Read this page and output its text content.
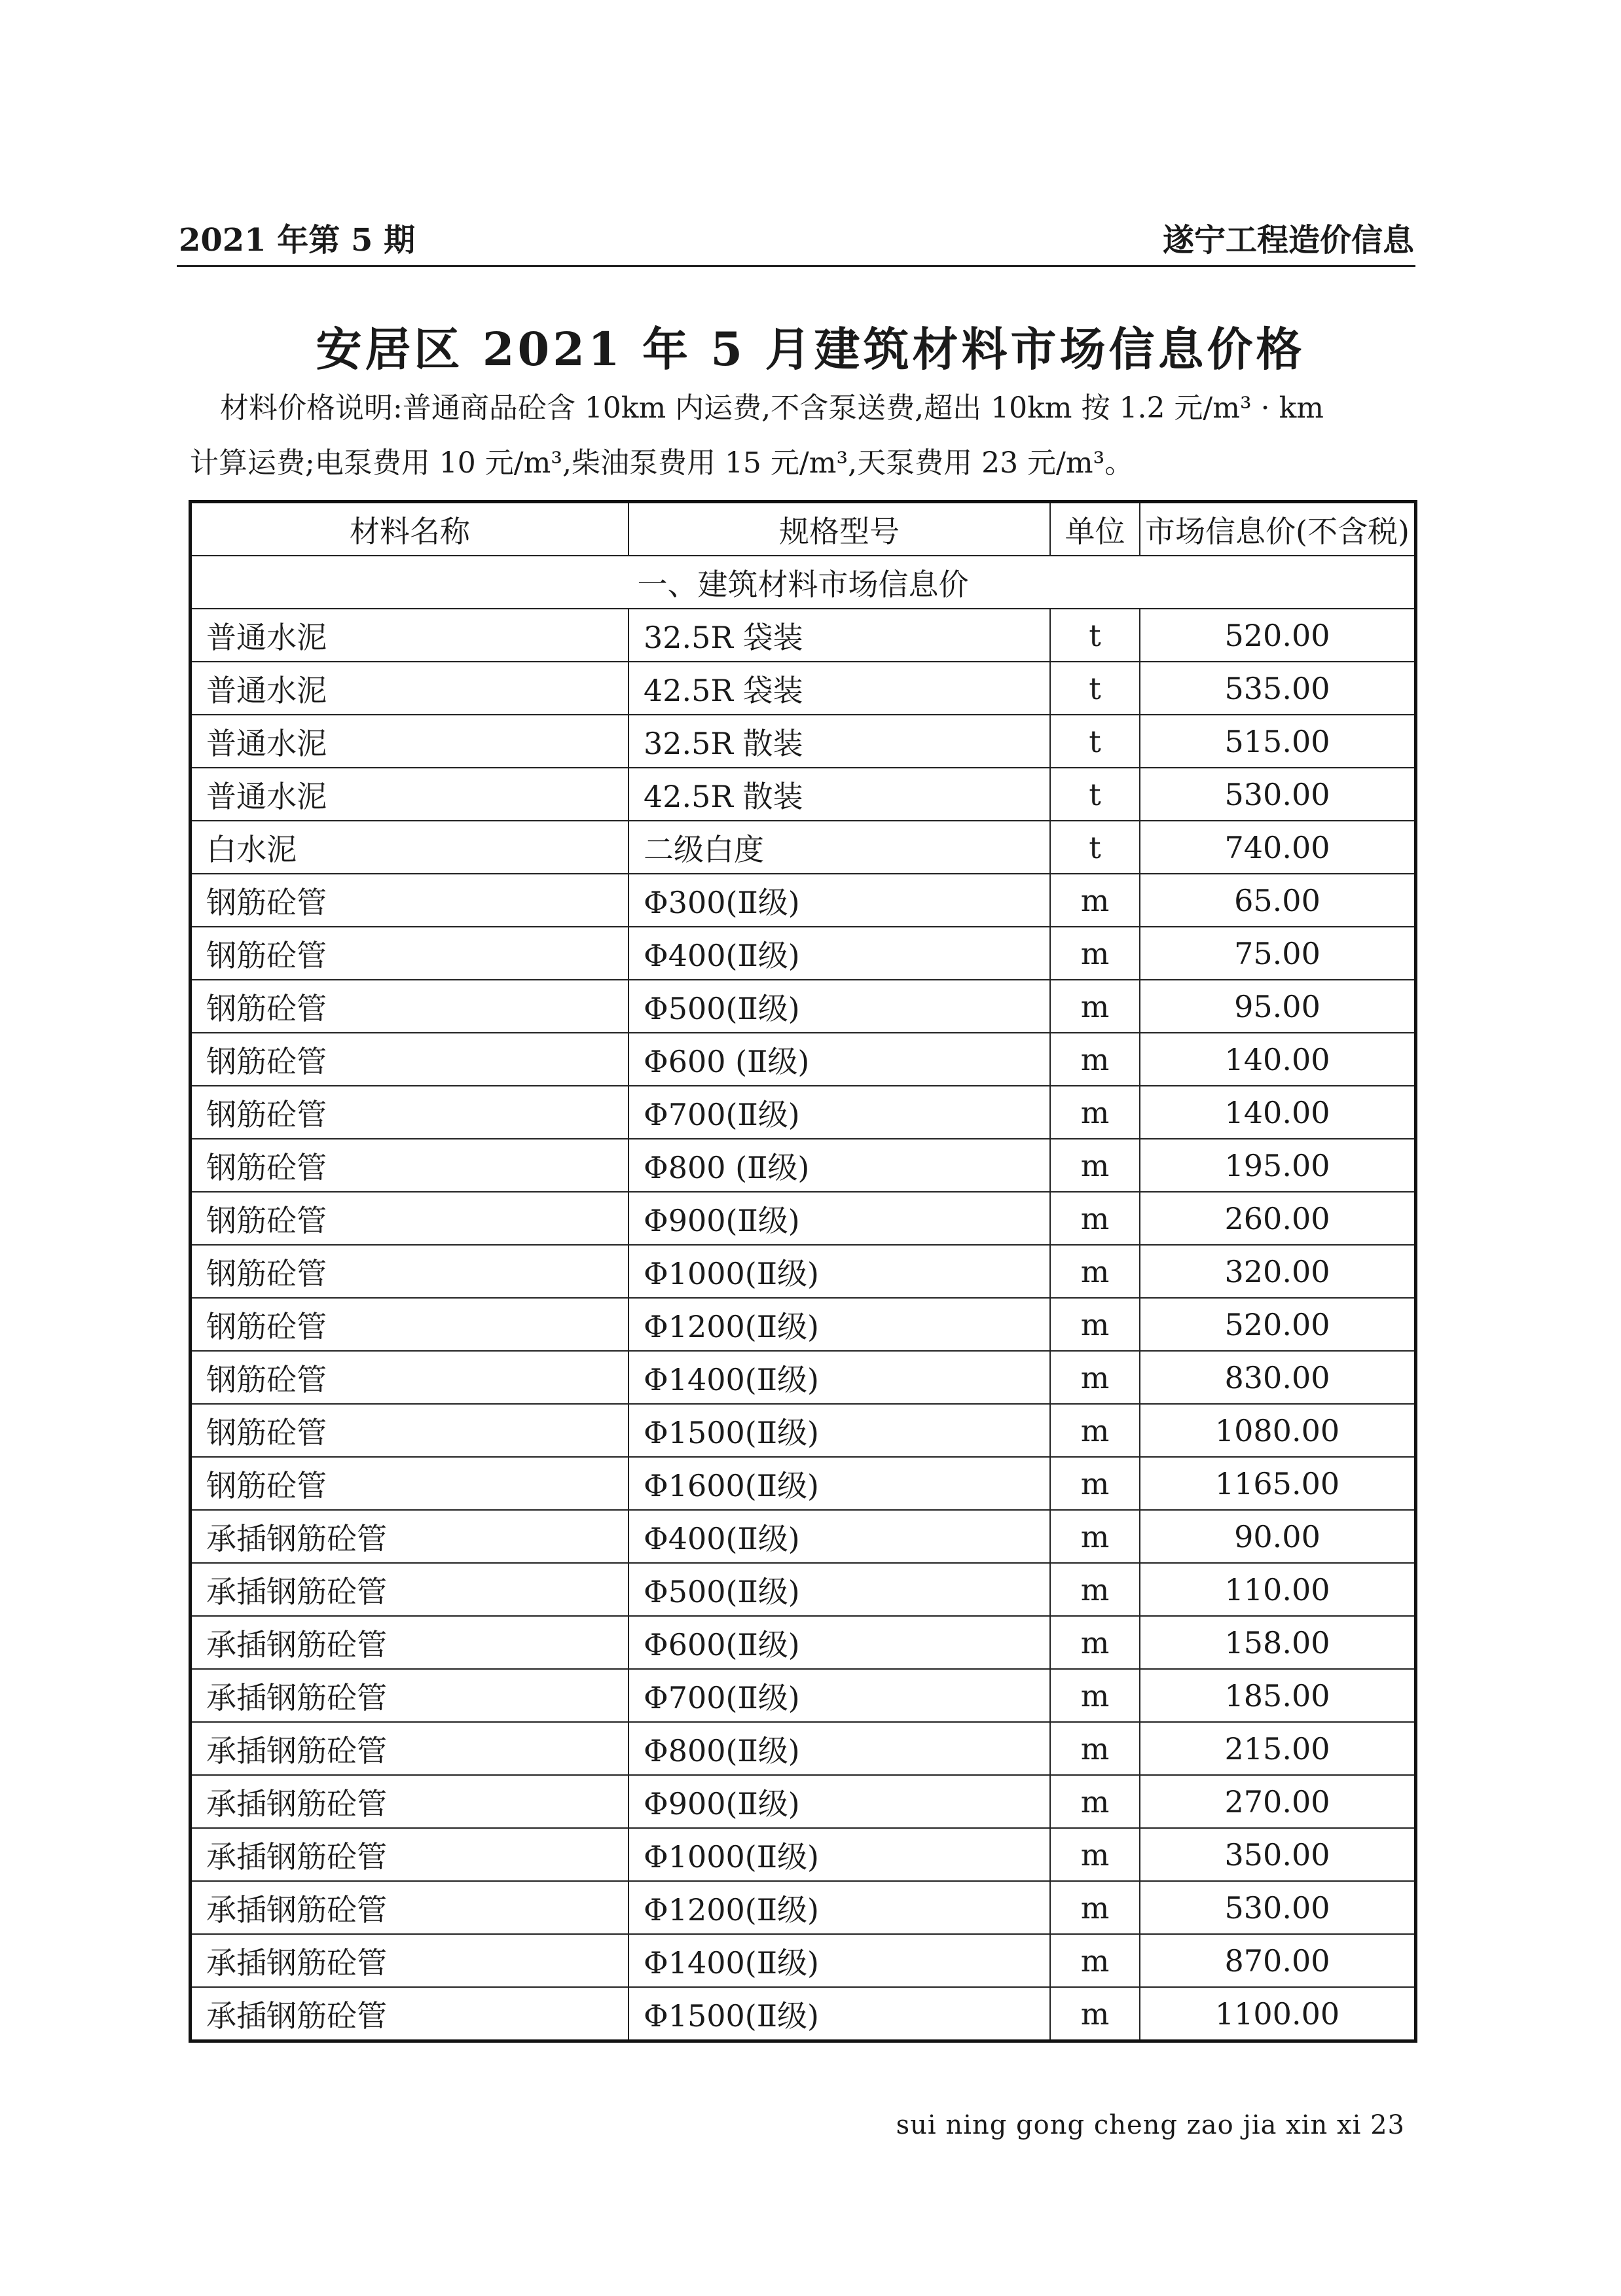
2021 年第 5 期	遂宁工程造价信息
安居区 2021 年 5 月建筑材料市场信息价格
材料价格说明:普通商品砼含 10km 内运费,不含泵送费,超出 10km 按 1.2 元/m³ · km
计算运费;电泵费用 10 元/m³,柴油泵费用 15 元/m³,天泵费用 23 元/m³。
材料名称	规格型号	单位	市场信息价(不含税)
一、建筑材料市场信息价			
普通水泥	32.5R 袋装	t	520.00
普通水泥	42.5R 袋装	t	535.00
普通水泥	32.5R 散装	t	515.00
普通水泥	42.5R 散装	t	530.00
白水泥	二级白度	t	740.00
钢筋砼管	Φ300(Ⅱ级)	m	65.00
钢筋砼管	Φ400(Ⅱ级)	m	75.00
钢筋砼管	Φ500(Ⅱ级)	m	95.00
钢筋砼管	Φ600 (Ⅱ级)	m	140.00
钢筋砼管	Φ700(Ⅱ级)	m	140.00
钢筋砼管	Φ800 (Ⅱ级)	m	195.00
钢筋砼管	Φ900(Ⅱ级)	m	260.00
钢筋砼管	Φ1000(Ⅱ级)	m	320.00
钢筋砼管	Φ1200(Ⅱ级)	m	520.00
钢筋砼管	Φ1400(Ⅱ级)	m	830.00
钢筋砼管	Φ1500(Ⅱ级)	m	1080.00
钢筋砼管	Φ1600(Ⅱ级)	m	1165.00
承插钢筋砼管	Φ400(Ⅱ级)	m	90.00
承插钢筋砼管	Φ500(Ⅱ级)	m	110.00
承插钢筋砼管	Φ600(Ⅱ级)	m	158.00
承插钢筋砼管	Φ700(Ⅱ级)	m	185.00
承插钢筋砼管	Φ800(Ⅱ级)	m	215.00
承插钢筋砼管	Φ900(Ⅱ级)	m	270.00
承插钢筋砼管	Φ1000(Ⅱ级)	m	350.00
承插钢筋砼管	Φ1200(Ⅱ级)	m	530.00
承插钢筋砼管	Φ1400(Ⅱ级)	m	870.00
承插钢筋砼管	Φ1500(Ⅱ级)	m	1100.00
sui ning gong cheng zao jia xin xi 23
